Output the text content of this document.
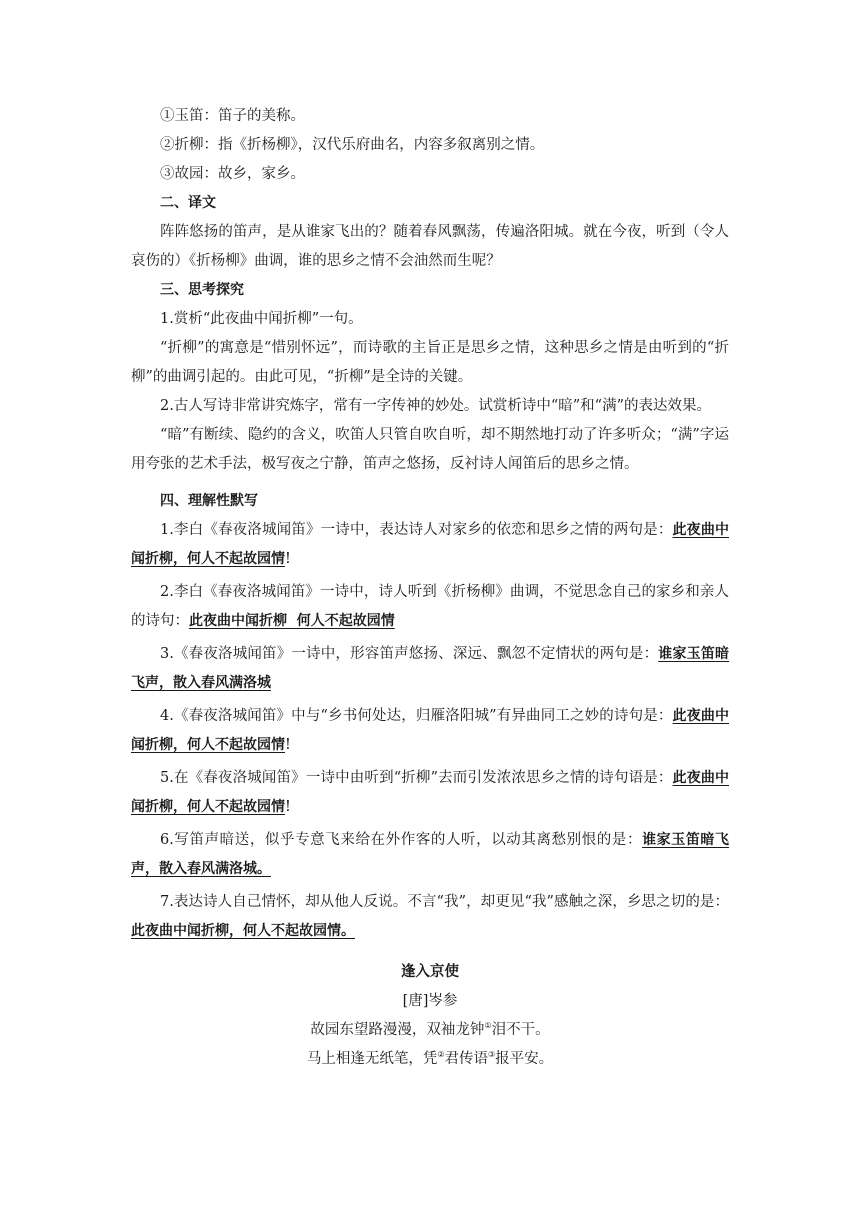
①玉笛：笛子的美称。

②折柳：指《折杨柳》，汉代乐府曲名，内容多叙离别之情。

③故园：故乡，家乡。

二、译文

阵阵悠扬的笛声，是从谁家飞出的？随着春风飘荡，传遍洛阳城。就在今夜，听到（令人哀伤的）《折杨柳》曲调，谁的思乡之情不会油然而生呢？

三、思考探究

1.赏析“此夜曲中闻折柳”一句。

“折柳”的寓意是“惜别怀远”，而诗歌的主旨正是思乡之情，这种思乡之情是由听到的“折柳”的曲调引起的。由此可见，“折柳”是全诗的关键。

2.古人写诗非常讲究炼字，常有一字传神的妙处。试赏析诗中“暗”和“满”的表达效果。

“暗”有断续、隐约的含义，吹笛人只管自吹自听，却不期然地打动了许多听众；“满”字运用夸张的艺术手法，极写夜之宁静，笛声之悠扬，反衬诗人闻笛后的思乡之情。

四、理解性默写

1.李白《春夜洛城闻笛》一诗中，表达诗人对家乡的依恋和思乡之情的两句是：此夜曲中闻折柳，何人不起故园情!

2.李白《春夜洛城闻笛》一诗中，诗人听到《折杨柳》曲调，不觉思念自己的家乡和亲人的诗句：此夜曲中闻折柳  何人不起故园情

3.《春夜洛城闻笛》一诗中，形容笛声悠扬、深远、飘忽不定情状的两句是：谁家玉笛暗飞声，散入春风满洛城

4.《春夜洛城闻笛》中与“乡书何处达，归雁洛阳城”有异曲同工之妙的诗句是：此夜曲中闻折柳，何人不起故园情!

5.在《春夜洛城闻笛》一诗中由听到“折柳”去而引发浓浓思乡之情的诗句语是：此夜曲中闻折柳，何人不起故园情!

6.写笛声暗送，似乎专意飞来给在外作客的人听，以动其离愁别恨的是：谁家玉笛暗飞声，散入春风满洛城。

7.表达诗人自己情怀，却从他人反说。不言“我”，却更见“我”感触之深，乡思之切的是：此夜曲中闻折柳，何人不起故园情。

逢入京使

[唐]岑参

故园东望路漫漫，双袖龙钟①泪不干。

马上相逢无纸笔，凭②君传语③报平安。
